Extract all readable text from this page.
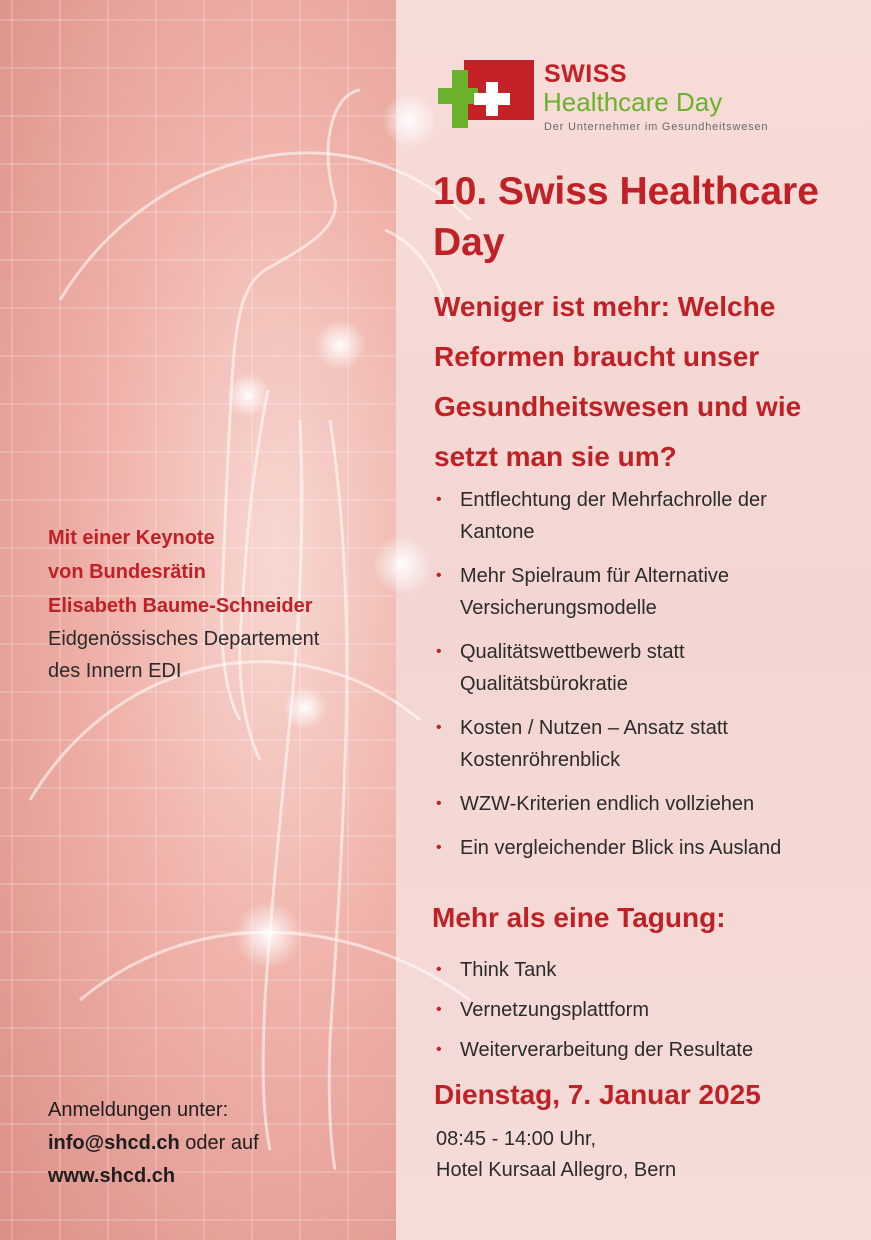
SWISS
Healthcare Day
Der Unternehmer im Gesundheitswesen
10. Swiss Healthcare Day
Weniger ist mehr: Welche Reformen braucht unser Gesundheitswesen und wie setzt man sie um?
• Entflechtung der Mehrfachrolle der Kantone
• Mehr Spielraum für Alternative Versicherungsmodelle
• Qualitätswettbewerb statt Qualitätsbürokratie
• Kosten / Nutzen – Ansatz statt Kostenröhrenblick
• WZW-Kriterien endlich vollziehen
• Ein vergleichender Blick ins Ausland
Mehr als eine Tagung:
• Think Tank
• Vernetzungsplattform
• Weiterverarbeitung der Resultate
Dienstag, 7. Januar 2025
08:45 - 14:00 Uhr,
Hotel Kursaal Allegro, Bern
Mit einer Keynote
von Bundesrätin
Elisabeth Baume-Schneider
Eidgenössisches Departement
des Innern EDI
Anmeldungen unter:
info@shcd.ch oder auf
www.shcd.ch
